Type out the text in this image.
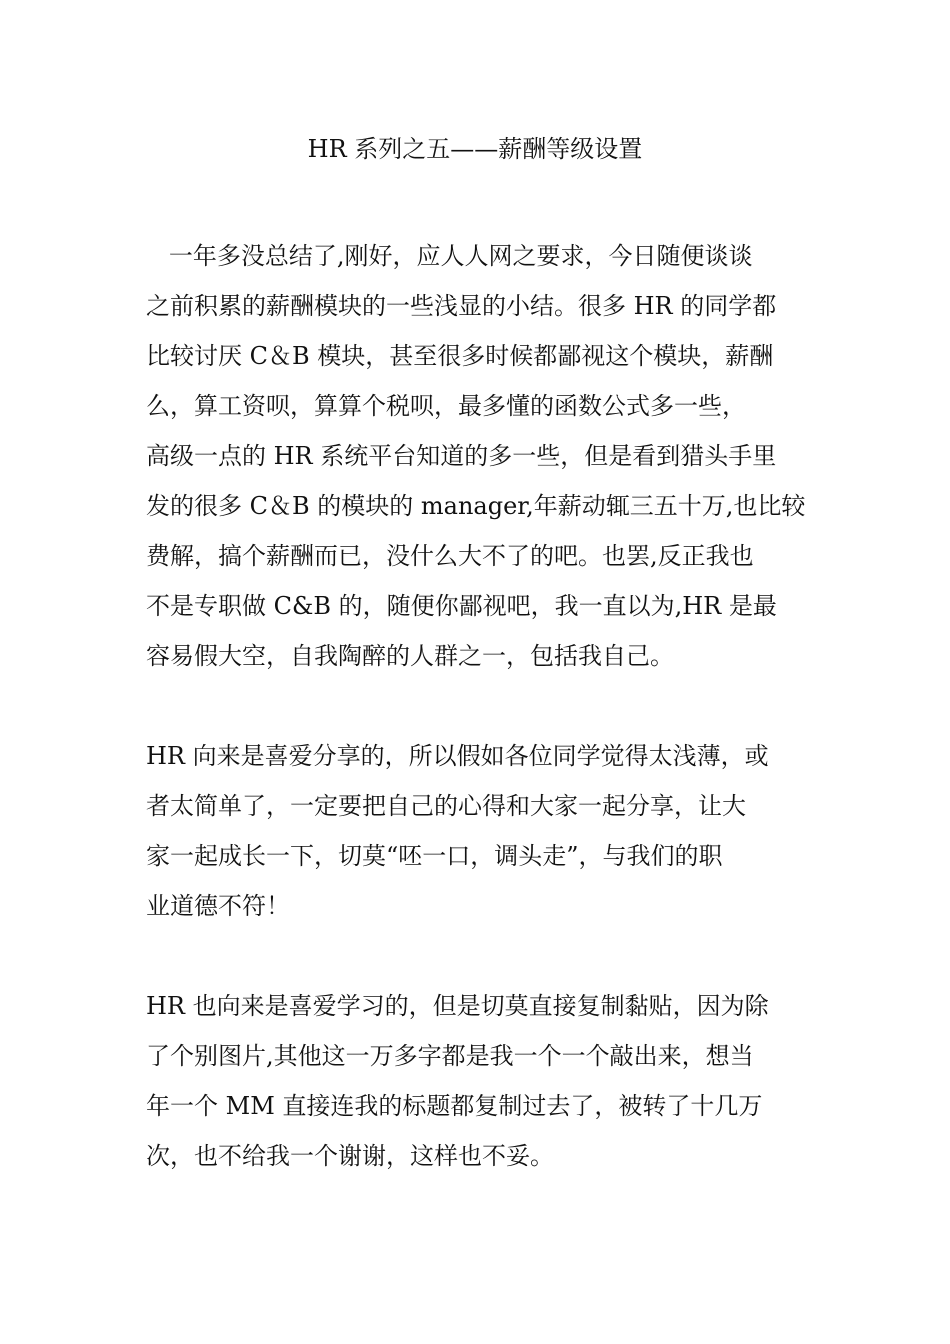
HR 系列之五——薪酬等级设置

一年多没总结了,刚好，应人人网之要求，今日随便谈谈
之前积累的薪酬模块的一些浅显的小结。很多 HR 的同学都
比较讨厌 C＆B 模块，甚至很多时候都鄙视这个模块，薪酬
么，算工资呗，算算个税呗，最多懂的函数公式多一些，
高级一点的 HR 系统平台知道的多一些，但是看到猎头手里
发的很多 C＆B 的模块的 manager,年薪动辄三五十万,也比较
费解，搞个薪酬而已，没什么大不了的吧。也罢,反正我也
不是专职做 C&B 的，随便你鄙视吧，我一直以为,HR 是最
容易假大空，自我陶醉的人群之一，包括我自己。

HR 向来是喜爱分享的，所以假如各位同学觉得太浅薄，或
者太简单了，一定要把自己的心得和大家一起分享，让大
家一起成长一下，切莫“呸一口，调头走”，与我们的职
业道德不符！

HR 也向来是喜爱学习的，但是切莫直接复制黏贴，因为除
了个别图片,其他这一万多字都是我一个一个敲出来，想当
年一个 MM 直接连我的标题都复制过去了，被转了十几万
次，也不给我一个谢谢，这样也不妥。
